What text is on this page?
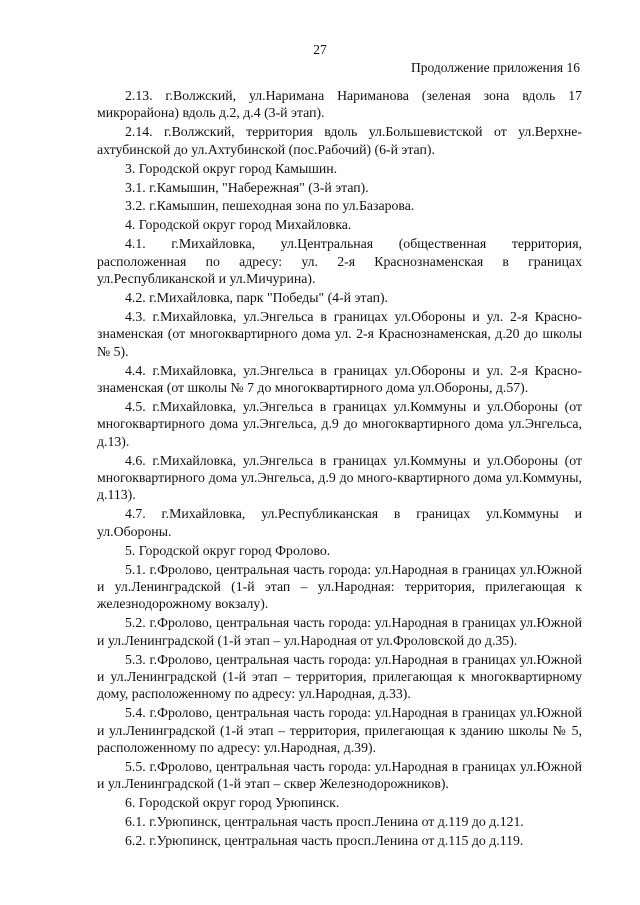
27
Продолжение приложения 16

2.13. г.Волжский, ул.Наримана Нариманова (зеленая зона вдоль 17 микрорайона) вдоль д.2, д.4 (3-й этап).

2.14. г.Волжский, территория вдоль ул.Большевистской от ул.Верхне-ахтубинской до ул.Ахтубинской (пос.Рабочий) (6-й этап).

3. Городской округ город Камышин.

3.1. г.Камышин, "Набережная" (3-й этап).

3.2. г.Камышин, пешеходная зона по ул.Базарова.

4. Городской округ город Михайловка.

4.1. г.Михайловка, ул.Центральная (общественная территория, расположенная по адресу: ул. 2-я Краснознаменская в границах ул.Республиканской и ул.Мичурина).

4.2. г.Михайловка, парк "Победы" (4-й этап).

4.3. г.Михайловка, ул.Энгельса в границах ул.Обороны и ул. 2-я Красно-знаменская (от многоквартирного дома ул. 2-я Краснознаменская, д.20 до школы № 5).

4.4. г.Михайловка, ул.Энгельса в границах ул.Обороны и ул. 2-я Красно-знаменская (от школы № 7 до многоквартирного дома ул.Обороны, д.57).

4.5. г.Михайловка, ул.Энгельса в границах ул.Коммуны и ул.Обороны (от многоквартирного дома ул.Энгельса, д.9 до многоквартирного дома ул.Энгельса, д.13).

4.6. г.Михайловка, ул.Энгельса в границах ул.Коммуны и ул.Обороны (от многоквартирного дома ул.Энгельса, д.9 до много-квартирного дома ул.Коммуны, д.113).

4.7. г.Михайловка, ул.Республиканская в границах ул.Коммуны и ул.Обороны.

5. Городской округ город Фролово.

5.1. г.Фролово, центральная часть города: ул.Народная в границах ул.Южной и ул.Ленинградской (1-й этап – ул.Народная: территория, прилегающая к железнодорожному вокзалу).

5.2. г.Фролово, центральная часть города: ул.Народная в границах ул.Южной и ул.Ленинградской (1-й этап – ул.Народная от ул.Фроловской до д.35).

5.3. г.Фролово, центральная часть города: ул.Народная в границах ул.Южной и ул.Ленинградской (1-й этап – территория, прилегающая к многоквартирному дому, расположенному по адресу: ул.Народная, д.33).

5.4. г.Фролово, центральная часть города: ул.Народная в границах ул.Южной и ул.Ленинградской (1-й этап – территория, прилегающая к зданию школы № 5, расположенному по адресу: ул.Народная, д.39).

5.5. г.Фролово, центральная часть города: ул.Народная в границах ул.Южной и ул.Ленинградской (1-й этап – сквер Железнодорожников).

6. Городской округ город Урюпинск.

6.1. г.Урюпинск, центральная часть просп.Ленина от д.119 до д.121.

6.2. г.Урюпинск, центральная часть просп.Ленина от д.115 до д.119.
